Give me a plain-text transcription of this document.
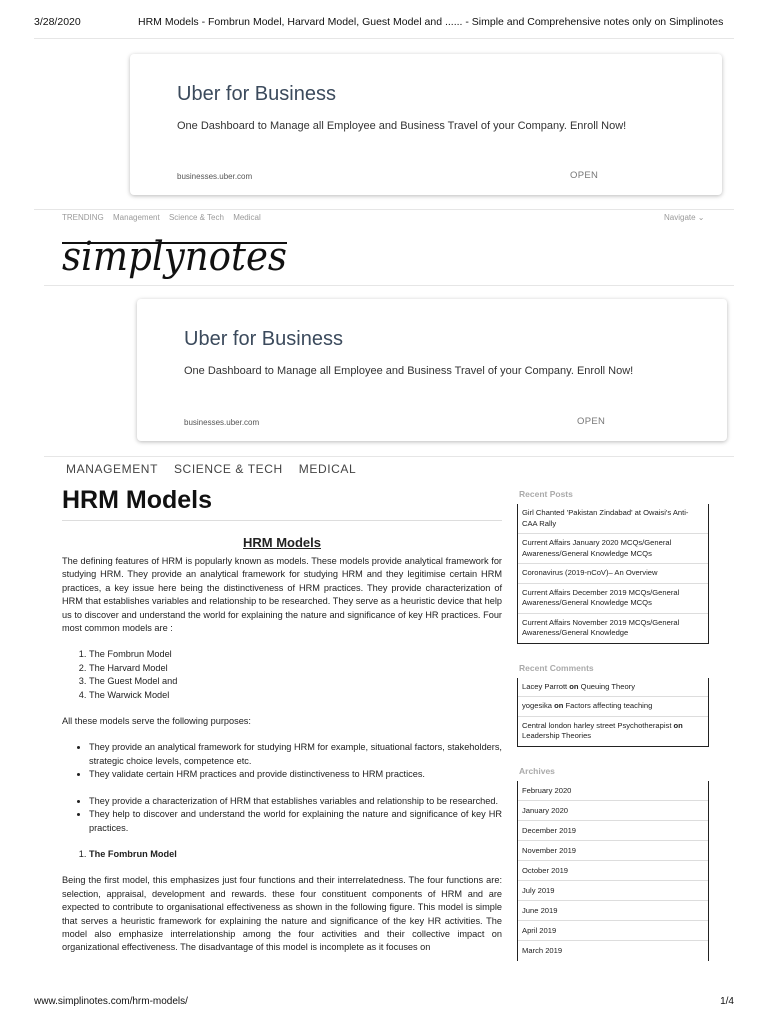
3/28/2020	HRM Models - Fombrun Model, Harvard Model, Guest Model and ...... - Simple and Comprehensive notes only on Simplinotes
Uber for Business
One Dashboard to Manage all Employee and Business Travel of your Company. Enroll Now!
businesses.uber.com	OPEN
TRENDING Management Science & Tech Medical	Navigate ⌄
simplynotes
Uber for Business
One Dashboard to Manage all Employee and Business Travel of your Company. Enroll Now!
businesses.uber.com	OPEN
MANAGEMENT SCIENCE & TECH MEDICAL
HRM Models
HRM Models

The defining features of HRM is popularly known as models. These models provide analytical framework for studying HRM. They provide an analytical framework for studying HRM and they legitimise certain HRM practices, a key issue here being the distinctiveness of HRM practices. They provide characterization of HRM that establishes variables and relationship to be researched. They serve as a heuristic device that help us to discover and understand the world for explaining the nature and significance of key HR practices. Four most common models are :

1. The Fombrun Model
2. The Harvard Model
3. The Guest Model and
4. The Warwick Model

All these models serve the following purposes:

• They provide an analytical framework for studying HRM for example, situational factors, stakeholders, strategic choice levels, competence etc.
• They validate certain HRM practices and provide distinctiveness to HRM practices.
• They provide a characterization of HRM that establishes variables and relationship to be researched.
• They help to discover and understand the world for explaining the nature and significance of key HR practices.
1. The Fombrun Model

Being the first model, this emphasizes just four functions and their interrelatedness. The four functions are: selection, appraisal, development and rewards. these four constituent components of HRM and are expected to contribute to organisational effectiveness as shown in the following figure. This model is simple that serves a heuristic framework for explaining the nature and significance of the key HR activities. The model also emphasize interrelationship among the four activities and their collective impact on organizational effectiveness. The disadvantage of this model is incomplete as it focuses on

Recent Posts
Girl Chanted 'Pakistan Zindabad' at Owaisi's Anti-CAA Rally
Current Affairs January 2020 MCQs/General Awareness/General Knowledge MCQs
Coronavirus (2019-nCoV)– An Overview
Current Affairs December 2019 MCQs/General Awareness/General Knowledge MCQs
Current Affairs November 2019 MCQs/General Awareness/General Knowledge
Recent Comments
Lacey Parrott on Queuing Theory
yogesika on Factors affecting teaching
Central london harley street Psychotherapist on Leadership Theories
Archives
February 2020
January 2020
December 2019
November 2019
October 2019
July 2019
June 2019
April 2019
March 2019
www.simplinotes.com/hrm-models/	1/4
